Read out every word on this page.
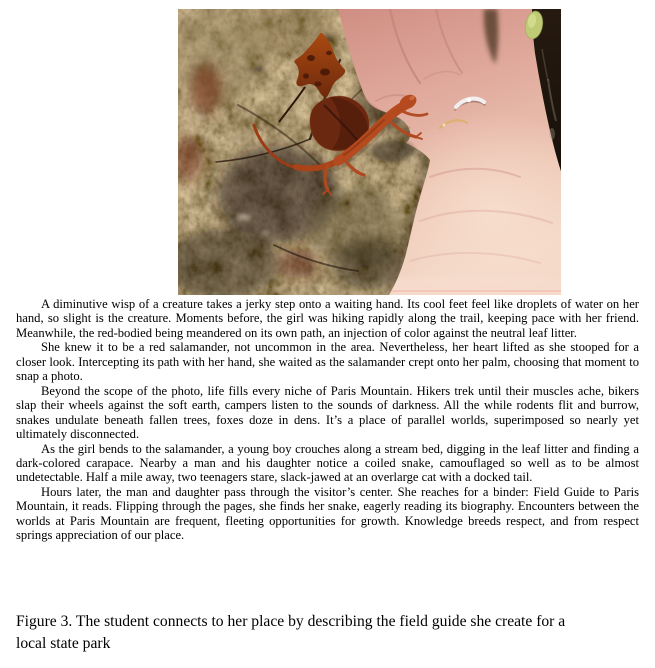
A diminutive wisp of a creature takes a jerky step onto a waiting hand. Its cool feet feel like droplets of water on her hand, so slight is the creature. Moments before, the girl was hiking rapidly along the trail, keeping pace with her friend. Meanwhile, the red-bodied being meandered on its own path, an injection of color against the neutral leaf litter.

She knew it to be a red salamander, not uncommon in the area. Nevertheless, her heart lifted as she stooped for a closer look. Intercepting its path with her hand, she waited as the salamander crept onto her palm, choosing that moment to snap a photo.

Beyond the scope of the photo, life fills every niche of Paris Mountain. Hikers trek until their muscles ache, bikers slap their wheels against the soft earth, campers listen to the sounds of darkness. All the while rodents flit and burrow, snakes undulate beneath fallen trees, foxes doze in dens. It’s a place of parallel worlds, superimposed so nearly yet ultimately disconnected.

As the girl bends to the salamander, a young boy crouches along a stream bed, digging in the leaf litter and finding a dark-colored carapace. Nearby a man and his daughter notice a coiled snake, camouflaged so well as to be almost undetectable. Half a mile away, two teenagers stare, slack-jawed at an overlarge cat with a docked tail.

Hours later, the man and daughter pass through the visitor’s center. She reaches for a binder: Field Guide to Paris Mountain, it reads. Flipping through the pages, she finds her snake, eagerly reading its biography. Encounters between the worlds at Paris Mountain are frequent, fleeting opportunities for growth. Knowledge breeds respect, and from respect springs appreciation of our place.

Figure 3. The student connects to her place by describing the field guide she create for a
local state park
